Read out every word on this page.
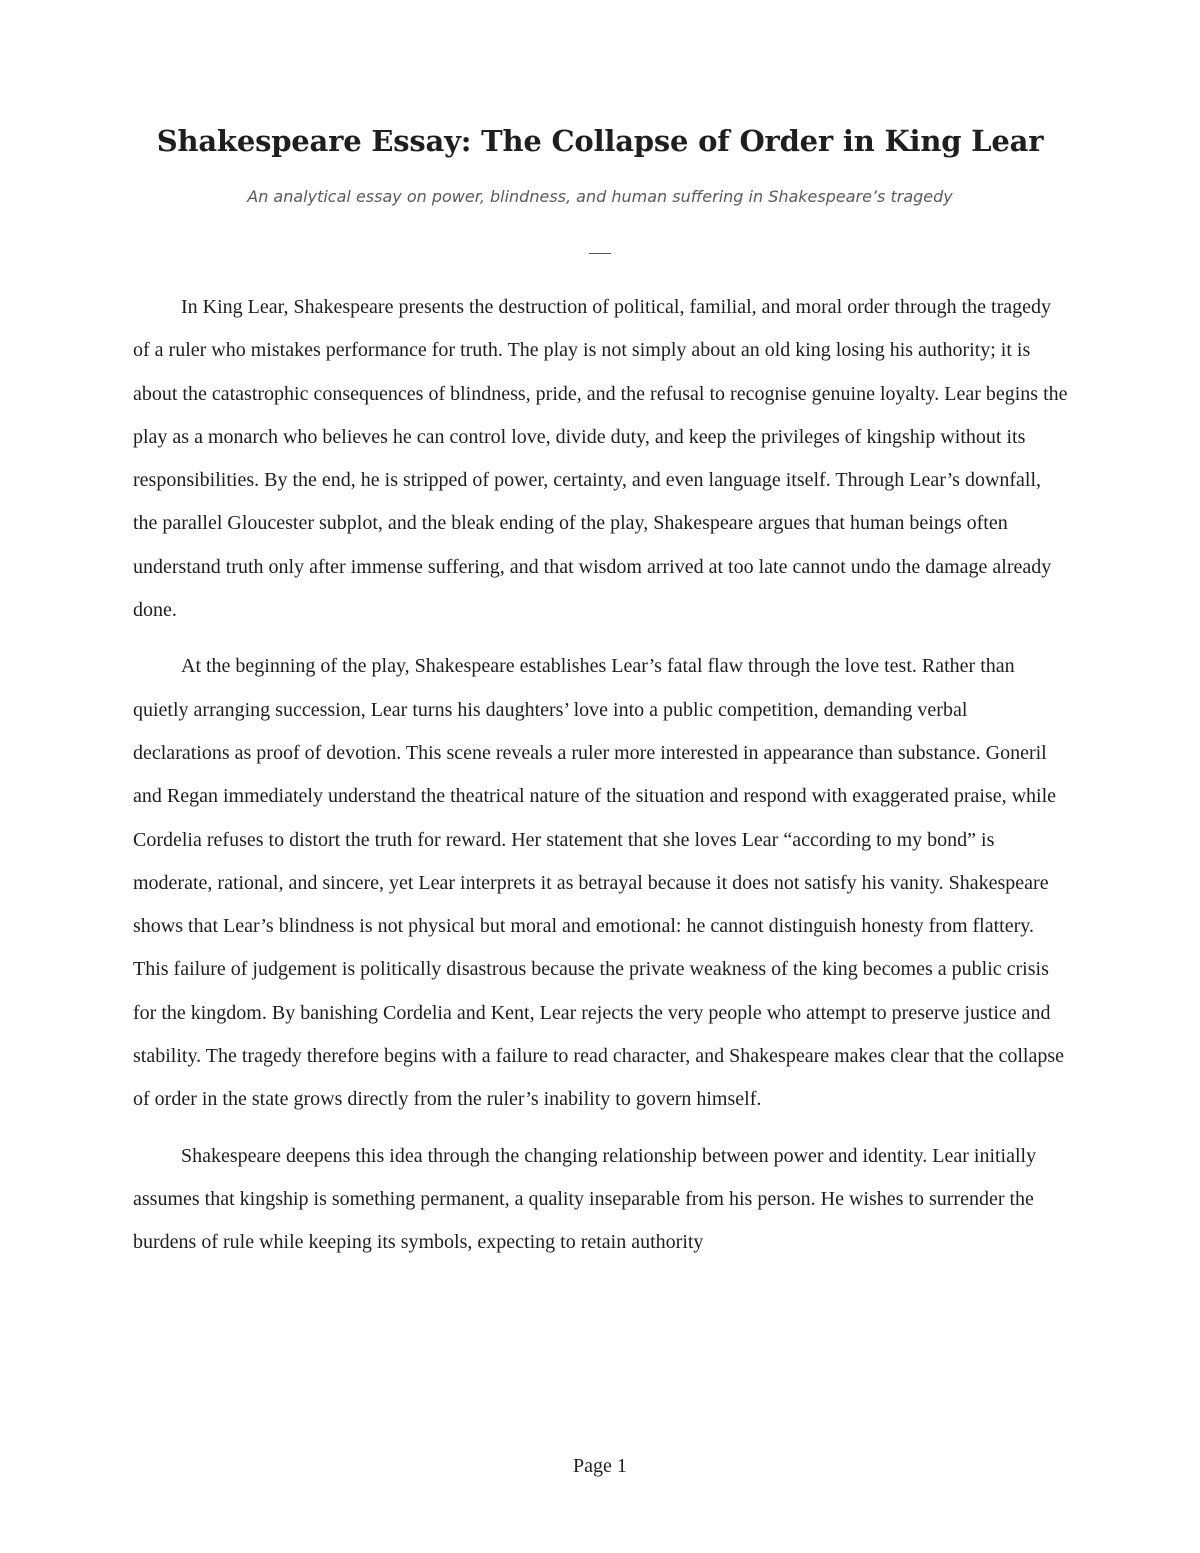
Shakespeare Essay: The Collapse of Order in King Lear

An analytical essay on power, blindness, and human suffering in Shakespeare’s tragedy

In King Lear, Shakespeare presents the destruction of political, familial, and moral order through the tragedy of a ruler who mistakes performance for truth. The play is not simply about an old king losing his authority; it is about the catastrophic consequences of blindness, pride, and the refusal to recognise genuine loyalty. Lear begins the play as a monarch who believes he can control love, divide duty, and keep the privileges of kingship without its responsibilities. By the end, he is stripped of power, certainty, and even language itself. Through Lear’s downfall, the parallel Gloucester subplot, and the bleak ending of the play, Shakespeare argues that human beings often understand truth only after immense suffering, and that wisdom arrived at too late cannot undo the damage already done.

At the beginning of the play, Shakespeare establishes Lear’s fatal flaw through the love test. Rather than quietly arranging succession, Lear turns his daughters’ love into a public competition, demanding verbal declarations as proof of devotion. This scene reveals a ruler more interested in appearance than substance. Goneril and Regan immediately understand the theatrical nature of the situation and respond with exaggerated praise, while Cordelia refuses to distort the truth for reward. Her statement that she loves Lear “according to my bond” is moderate, rational, and sincere, yet Lear interprets it as betrayal because it does not satisfy his vanity. Shakespeare shows that Lear’s blindness is not physical but moral and emotional: he cannot distinguish honesty from flattery. This failure of judgement is politically disastrous because the private weakness of the king becomes a public crisis for the kingdom. By banishing Cordelia and Kent, Lear rejects the very people who attempt to preserve justice and stability. The tragedy therefore begins with a failure to read character, and Shakespeare makes clear that the collapse of order in the state grows directly from the ruler’s inability to govern himself.

Shakespeare deepens this idea through the changing relationship between power and identity. Lear initially assumes that kingship is something permanent, a quality inseparable from his person. He wishes to surrender the burdens of rule while keeping its symbols, expecting to retain authority

Page 1
